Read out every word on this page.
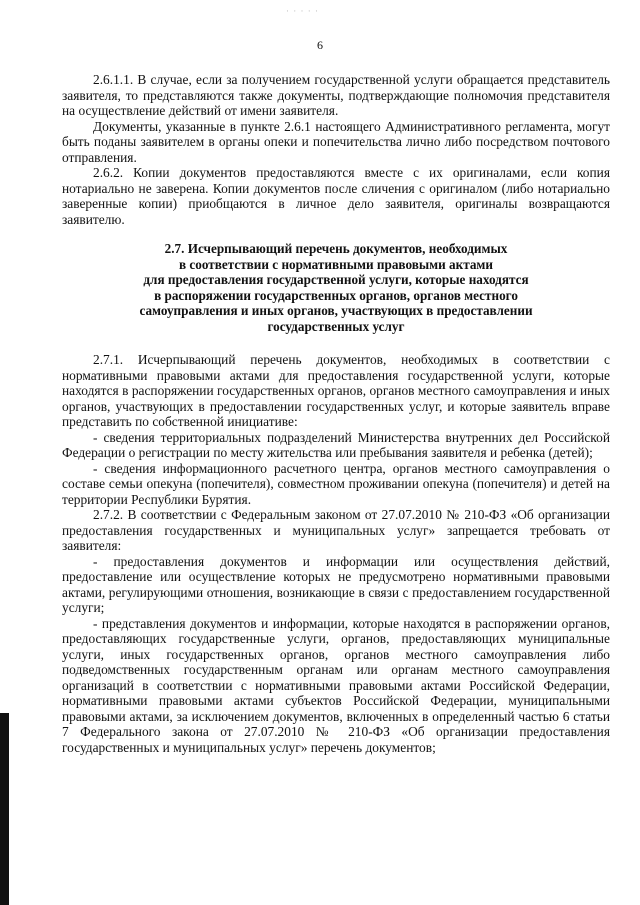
· · · · ·
6

2.6.1.1. В случае, если за получением государственной услуги обращается представитель заявителя, то представляются также документы, подтверждающие полномочия представителя на осуществление действий от имени заявителя.

Документы, указанные в пункте 2.6.1 настоящего Административного регламента, могут быть поданы заявителем в органы опеки и попечительства лично либо посредством почтового отправления.

2.6.2. Копии документов предоставляются вместе с их оригиналами, если копия нотариально не заверена. Копии документов после сличения с оригиналом (либо нотариально заверенные копии) приобщаются в личное дело заявителя, оригиналы возвращаются заявителю.

2.7. Исчерпывающий перечень документов, необходимых
в соответствии с нормативными правовыми актами
для предоставления государственной услуги, которые находятся
в распоряжении государственных органов, органов местного
самоуправления и иных органов, участвующих в предоставлении
государственных услуг

2.7.1. Исчерпывающий перечень документов, необходимых в соответствии с нормативными правовыми актами для предоставления государственной услуги, которые находятся в распоряжении государственных органов, органов местного самоуправления и иных органов, участвующих в предоставлении государственных услуг, и которые заявитель вправе представить по собственной инициативе:

- сведения территориальных подразделений Министерства внутренних дел Российской Федерации о регистрации по месту жительства или пребывания заявителя и ребенка (детей);

- сведения информационного расчетного центра, органов местного самоуправления о составе семьи опекуна (попечителя), совместном проживании опекуна (попечителя) и детей на территории Республики Бурятия.

2.7.2. В соответствии с Федеральным законом от 27.07.2010 № 210-ФЗ «Об организации предоставления государственных и муниципальных услуг» запрещается требовать от заявителя:

- предоставления документов и информации или осуществления действий, предоставление или осуществление которых не предусмотрено нормативными правовыми актами, регулирующими отношения, возникающие в связи с предоставлением государственной услуги;

- представления документов и информации, которые находятся в распоряжении органов, предоставляющих государственные услуги, органов, предоставляющих муниципальные услуги, иных государственных органов, органов местного самоуправления либо подведомственных государственным органам или органам местного самоуправления организаций в соответствии с нормативными правовыми актами Российской Федерации, нормативными правовыми актами субъектов Российской Федерации, муниципальными правовыми актами, за исключением документов, включенных в определенный частью 6 статьи 7 Федерального закона от 27.07.2010 № 210-ФЗ «Об организации предоставления государственных и муниципальных услуг» перечень документов;
